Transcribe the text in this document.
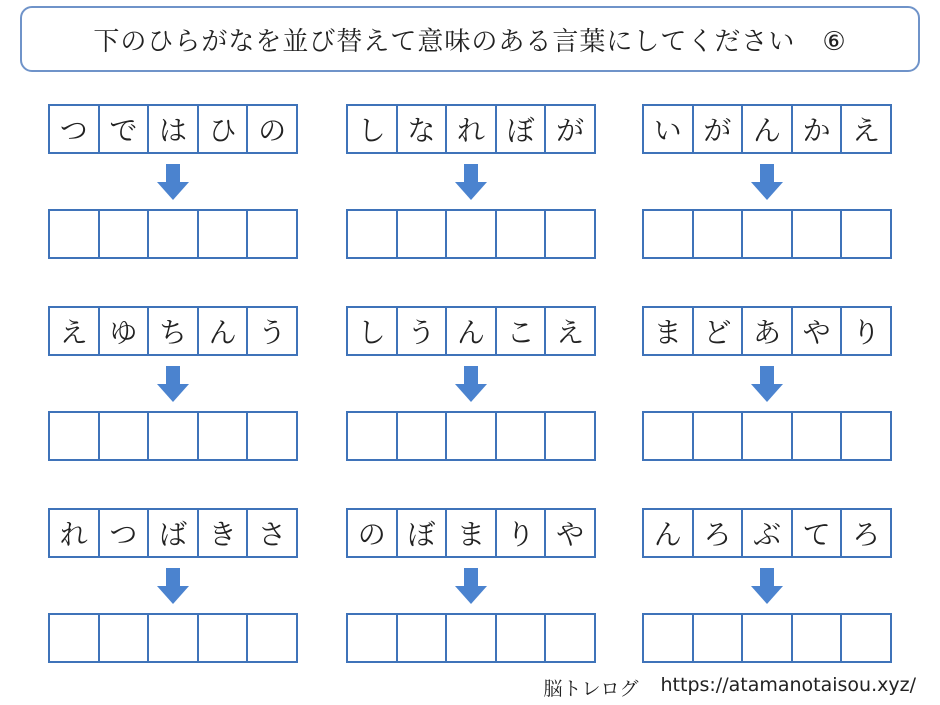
下のひらがなを並び替えて意味のある言葉にしてください　⑥
つ で は ひ の	し な れ ぼ が	い が ん か え
え ゆ ち ん う	し う ん こ え	ま ど あ や り
れ つ ば き さ	の ぼ ま り や	ん ろ ぶ て ろ
脳トレログ https://atamanotaisou.xyz/
